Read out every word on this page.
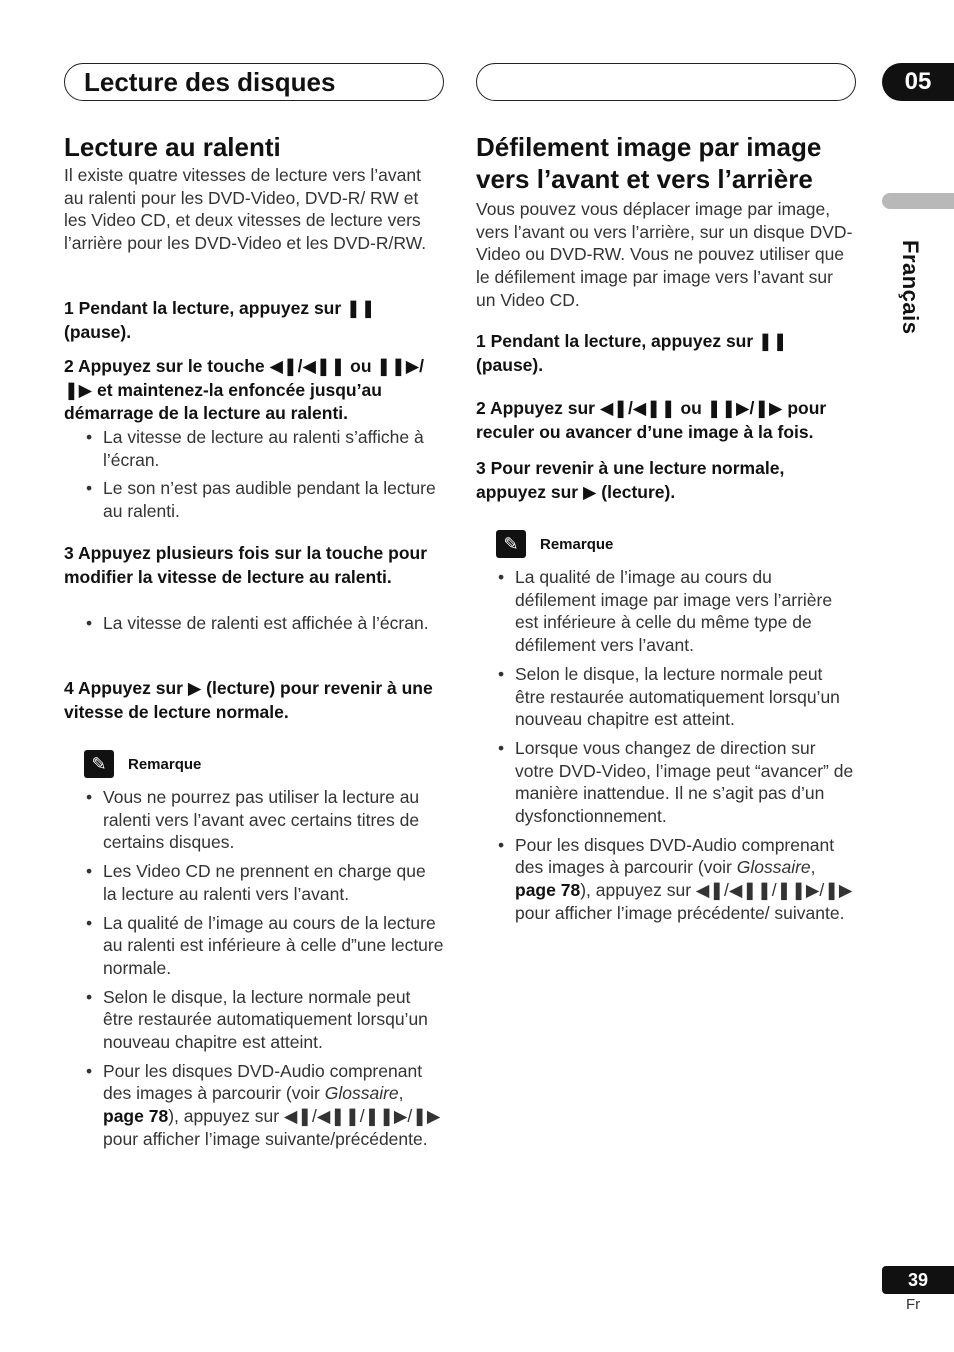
Lecture des disques	05
Français
Lecture au ralenti

Il existe quatre vitesses de lecture vers l’avant au ralenti pour les DVD-Video, DVD-R/ RW et les Video CD, et deux vitesses de lecture vers l’arrière pour les DVD-Video et les DVD-R/RW.

1 Pendant la lecture, appuyez sur ❚❚ (pause).

2 Appuyez sur le touche ◀❚/◀❚❚ ou ❚❚▶/❚▶ et maintenez-la enfoncée jusqu’au démarrage de la lecture au ralenti.

• La vitesse de lecture au ralenti s’affiche à l’écran.
• Le son n’est pas audible pendant la lecture au ralenti.

3 Appuyez plusieurs fois sur la touche pour modifier la vitesse de lecture au ralenti.

• La vitesse de ralenti est affichée à l’écran.

4 Appuyez sur ▶ (lecture) pour revenir à une vitesse de lecture normale.

✎	Remarque
• Vous ne pourrez pas utiliser la lecture au ralenti vers l’avant avec certains titres de certains disques.
• Les Video CD ne prennent en charge que la lecture au ralenti vers l’avant.
• La qualité de l’image au cours de la lecture au ralenti est inférieure à celle d”une lecture normale.
• Selon le disque, la lecture normale peut être restaurée automatiquement lorsqu’un nouveau chapitre est atteint.
• Pour les disques DVD-Audio comprenant des images à parcourir (voir Glossaire, page 78), appuyez sur ◀❚/◀❚❚/❚❚▶/❚▶ pour afficher l’image suivante/précédente.
Défilement image par image vers l’avant et vers l’arrière

Vous pouvez vous déplacer image par image, vers l’avant ou vers l’arrière, sur un disque DVD-Video ou DVD-RW. Vous ne pouvez utiliser que le défilement image par image vers l’avant sur un Video CD.

1 Pendant la lecture, appuyez sur ❚❚ (pause).

2 Appuyez sur ◀❚/◀❚❚ ou ❚❚▶/❚▶ pour reculer ou avancer d’une image à la fois.

3 Pour revenir à une lecture normale, appuyez sur ▶ (lecture).

✎	Remarque
• La qualité de l’image au cours du défilement image par image vers l’arrière est inférieure à celle du même type de défilement vers l’avant.
• Selon le disque, la lecture normale peut être restaurée automatiquement lorsqu’un nouveau chapitre est atteint.
• Lorsque vous changez de direction sur votre DVD-Video, l’image peut “avancer” de manière inattendue. Il ne s’agit pas d’un dysfonctionnement.
• Pour les disques DVD-Audio comprenant des images à parcourir (voir Glossaire, page 78), appuyez sur ◀❚/◀❚❚/❚❚▶/❚▶ pour afficher l’image précédente/ suivante.
39
Fr
